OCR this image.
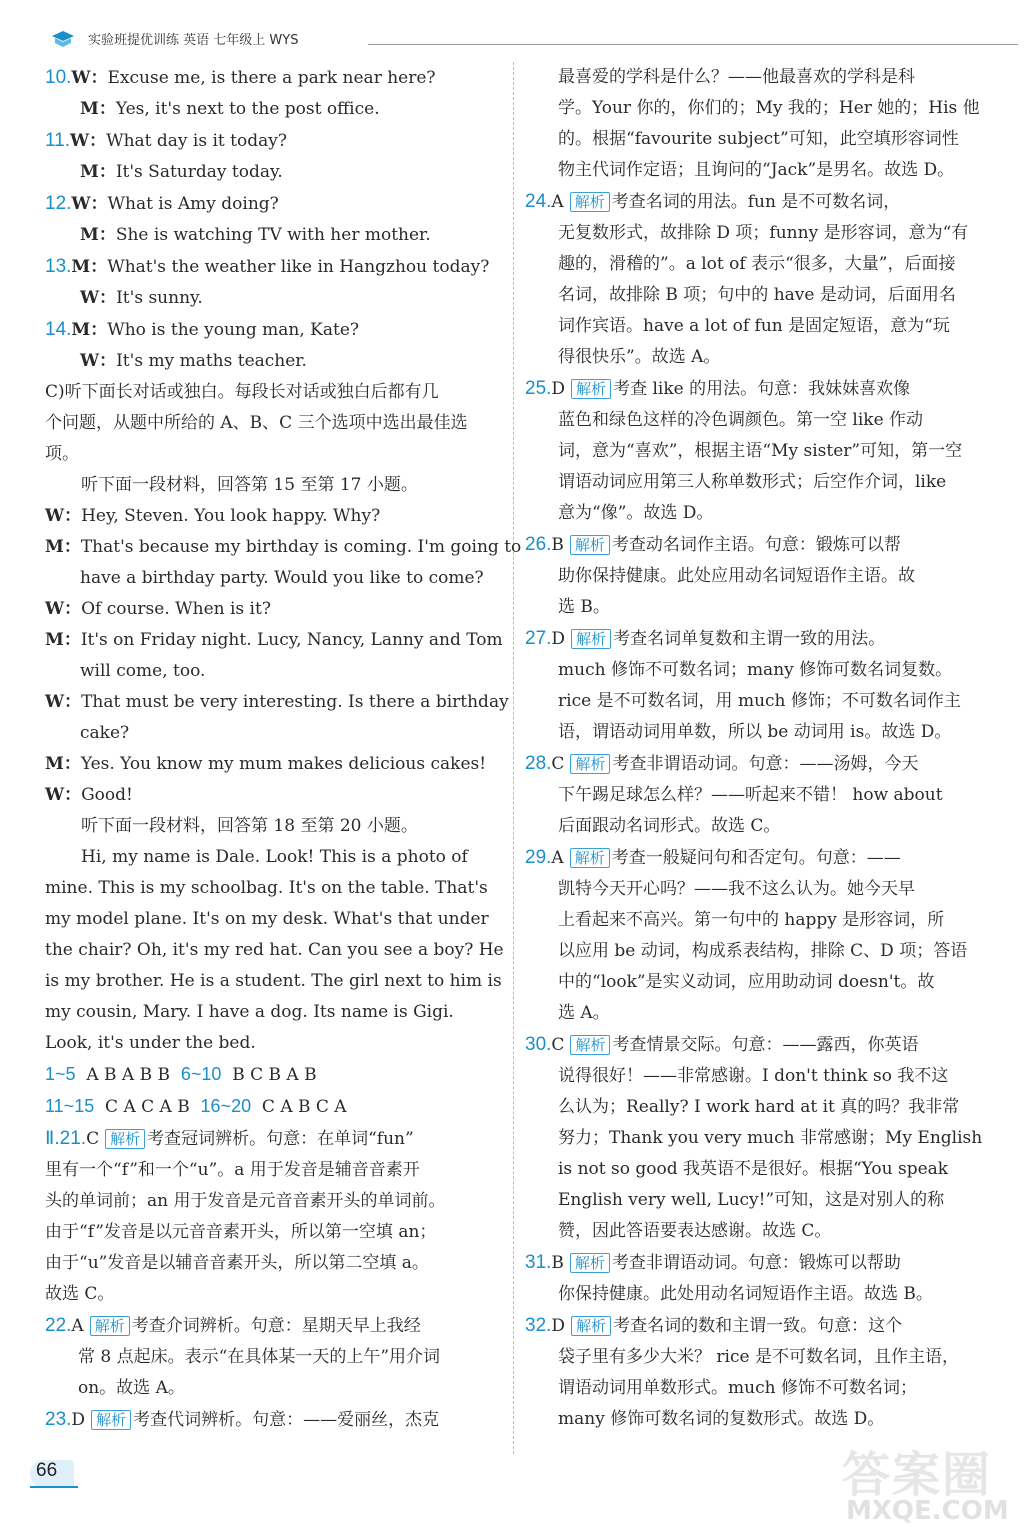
实验班提优训练 英语 七年级上 WYS
10.W：Excuse me, is there a park near here?
M：Yes, it's next to the post office.
11.W：What day is it today?
M：It's Saturday today.
12.W：What is Amy doing?
M：She is watching TV with her mother.
13.M：What's the weather like in Hangzhou today?
W：It's sunny.
14.M：Who is the young man, Kate?
W：It's my maths teacher.
C)听下面长对话或独白。每段长对话或独白后都有几
个问题，从题中所给的 A、B、C 三个选项中选出最佳选
项。
听下面一段材料，回答第 15 至第 17 小题。
W：Hey, Steven. You look happy. Why?
M：That's because my birthday is coming. I'm going to
have a birthday party. Would you like to come?
W：Of course. When is it?
M：It's on Friday night. Lucy, Nancy, Lanny and Tom
will come, too.
W：That must be very interesting. Is there a birthday
cake?
M：Yes. You know my mum makes delicious cakes!
W：Good!
听下面一段材料，回答第 18 至第 20 小题。
Hi, my name is Dale. Look! This is a photo of
mine. This is my schoolbag. It's on the table. That's
my model plane. It's on my desk. What's that under
the chair? Oh, it's my red hat. Can you see a boy? He
is my brother. He is a student. The girl next to him is
my cousin, Mary. I have a dog. Its name is Gigi.
Look, it's under the bed.
1~5 A B A B B 6~10 B C B A B
11~15 C A C A B 16~20 C A B C A
Ⅱ.21.C 解析 考查冠词辨析。句意：在单词“fun”
里有一个“f”和一个“u”。a 用于发音是辅音音素开
头的单词前；an 用于发音是元音音素开头的单词前。
由于“f”发音是以元音音素开头，所以第一空填 an；
由于“u”发音是以辅音音素开头，所以第二空填 a。
故选 C。
22.A 解析 考查介词辨析。句意：星期天早上我经
常 8 点起床。表示“在具体某一天的上午”用介词
on。故选 A。
23.D 解析 考查代词辨析。句意：——爱丽丝，杰克
最喜爱的学科是什么？——他最喜欢的学科是科
学。Your 你的，你们的；My 我的；Her 她的；His 他
的。根据“favourite subject”可知，此空填形容词性
物主代词作定语；且询问的“Jack”是男名。故选 D。
24.A 解析 考查名词的用法。fun 是不可数名词，
无复数形式，故排除 D 项；funny 是形容词，意为“有
趣的，滑稽的”。a lot of 表示“很多，大量”，后面接
名词，故排除 B 项；句中的 have 是动词，后面用名
词作宾语。have a lot of fun 是固定短语，意为“玩
得很快乐”。故选 A。
25.D 解析 考查 like 的用法。句意：我妹妹喜欢像
蓝色和绿色这样的冷色调颜色。第一空 like 作动
词，意为“喜欢”，根据主语“My sister”可知，第一空
谓语动词应用第三人称单数形式；后空作介词，like
意为“像”。故选 D。
26.B 解析 考查动名词作主语。句意：锻炼可以帮
助你保持健康。此处应用动名词短语作主语。故
选 B。
27.D 解析 考查名词单复数和主谓一致的用法。
much 修饰不可数名词；many 修饰可数名词复数。
rice 是不可数名词，用 much 修饰；不可数名词作主
语，谓语动词用单数，所以 be 动词用 is。故选 D。
28.C 解析 考查非谓语动词。句意：——汤姆，今天
下午踢足球怎么样？——听起来不错！ how about
后面跟动名词形式。故选 C。
29.A 解析 考查一般疑问句和否定句。句意：——
凯特今天开心吗？——我不这么认为。她今天早
上看起来不高兴。第一句中的 happy 是形容词，所
以应用 be 动词，构成系表结构，排除 C、D 项；答语
中的“look”是实义动词，应用助动词 doesn't。故
选 A。
30.C 解析 考查情景交际。句意：——露西，你英语
说得很好！——非常感谢。I don't think so 我不这
么认为；Really? I work hard at it 真的吗？我非常
努力；Thank you very much 非常感谢；My English
is not so good 我英语不是很好。根据“You speak
English very well, Lucy!”可知，这是对别人的称
赞，因此答语要表达感谢。故选 C。
31.B 解析 考查非谓语动词。句意：锻炼可以帮助
你保持健康。此处用动名词短语作主语。故选 B。
32.D 解析 考查名词的数和主谓一致。句意：这个
袋子里有多少大米？ rice 是不可数名词，且作主语，
谓语动词用单数形式。much 修饰不可数名词；
many 修饰可数名词的复数形式。故选 D。
66	答案圈
MXQE.COM
